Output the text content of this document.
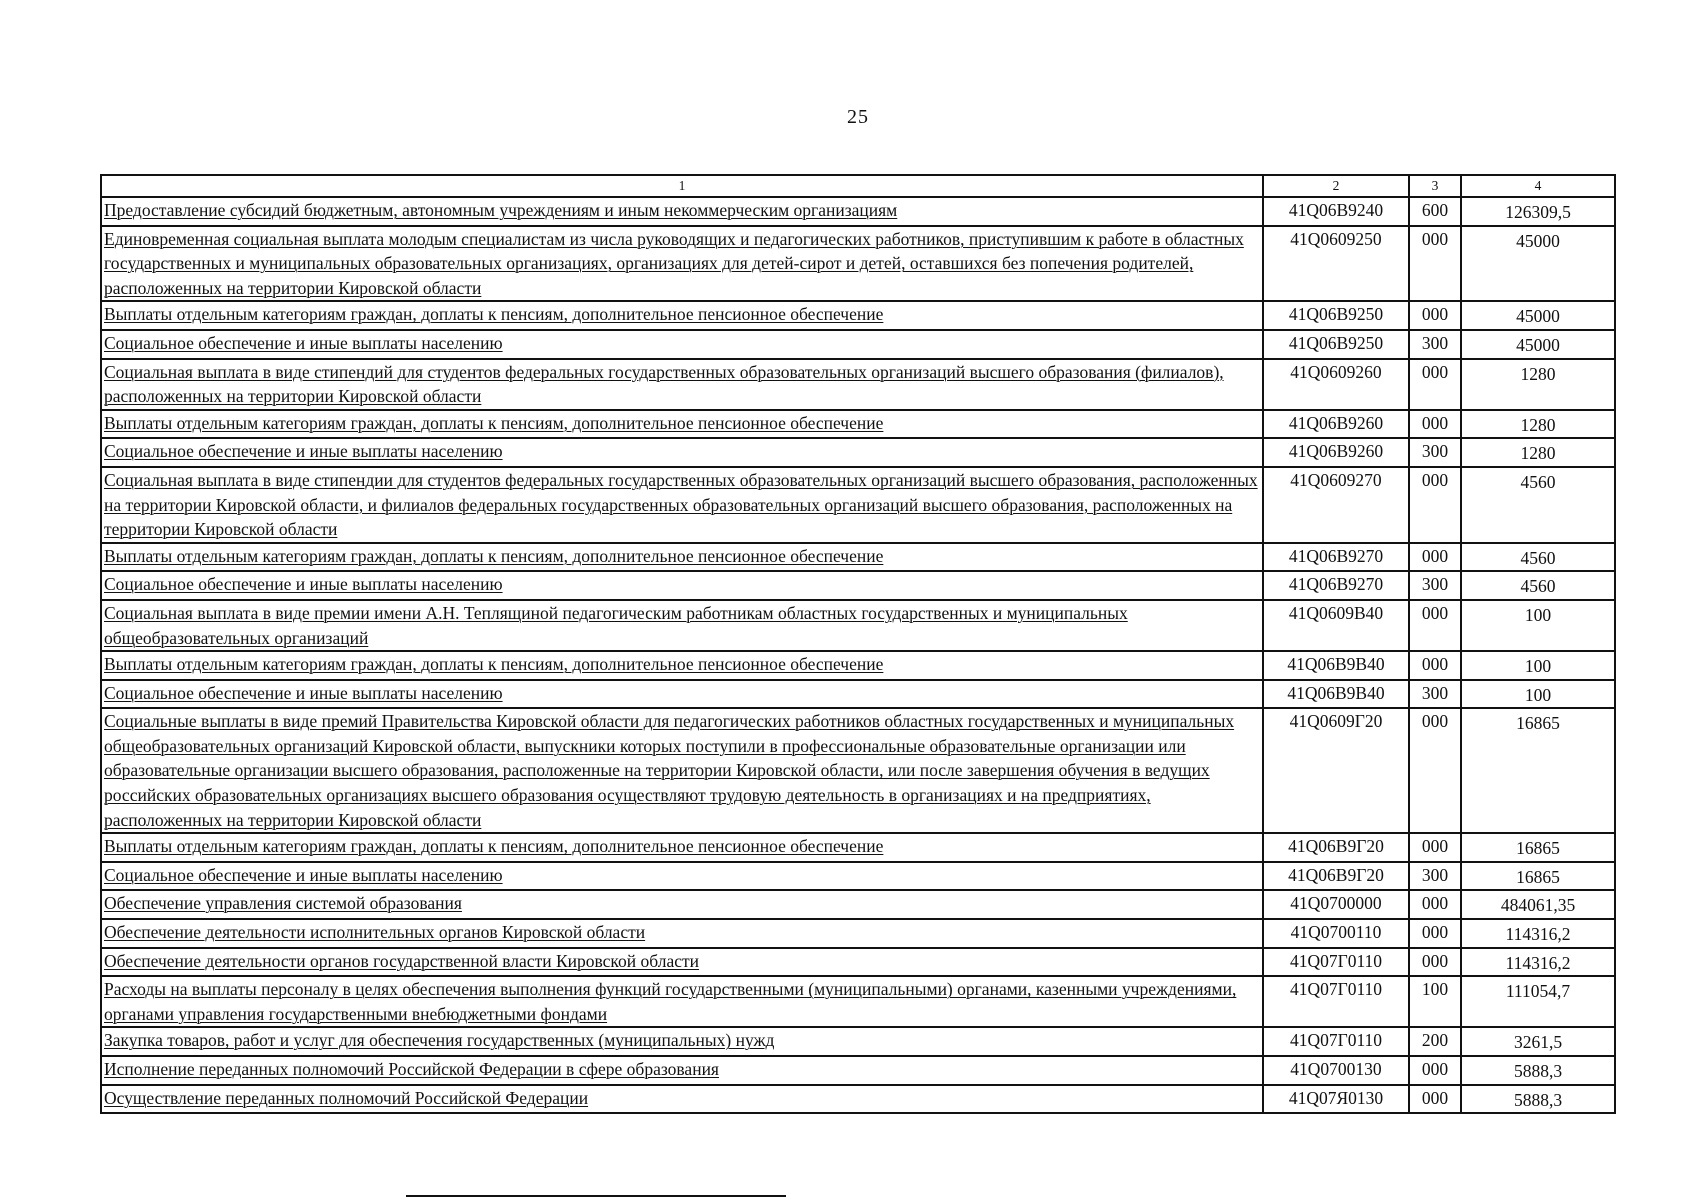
25
1	2	3	4
Предоставление субсидий бюджетным, автономным учреждениям и иным некоммерческим организациям	41Q06B9240	600	126309,5
Единовременная социальная выплата молодым специалистам из числа руководящих и педагогических работников, приступившим к работе в областных государственных и муниципальных образовательных организациях, организациях для детей-сирот и детей, оставшихся без попечения родителей, расположенных на территории Кировской области	41Q0609250	000	45000
Выплаты отдельным категориям граждан, доплаты к пенсиям, дополнительное пенсионное обеспечение	41Q06B9250	000	45000
Социальное обеспечение и иные выплаты населению	41Q06B9250	300	45000
Социальная выплата в виде стипендий для студентов федеральных государственных образовательных организаций высшего образования (филиалов), расположенных на территории Кировской области	41Q0609260	000	1280
Выплаты отдельным категориям граждан, доплаты к пенсиям, дополнительное пенсионное обеспечение	41Q06B9260	000	1280
Социальное обеспечение и иные выплаты населению	41Q06B9260	300	1280
Социальная выплата в виде стипендии для студентов федеральных государственных образовательных организаций высшего образования, расположенных на территории Кировской области, и филиалов федеральных государственных образовательных организаций высшего образования, расположенных на территории Кировской области	41Q0609270	000	4560
Выплаты отдельным категориям граждан, доплаты к пенсиям, дополнительное пенсионное обеспечение	41Q06B9270	000	4560
Социальное обеспечение и иные выплаты населению	41Q06B9270	300	4560
Социальная выплата в виде премии имени А.Н. Теплящиной педагогическим работникам областных государственных и муниципальных общеобразовательных организаций	41Q0609B40	000	100
Выплаты отдельным категориям граждан, доплаты к пенсиям, дополнительное пенсионное обеспечение	41Q06B9B40	000	100
Социальное обеспечение и иные выплаты населению	41Q06B9B40	300	100
Социальные выплаты в виде премий Правительства Кировской области для педагогических работников областных государственных и муниципальных общеобразовательных организаций Кировской области, выпускники которых поступили в профессиональные образовательные организации или образовательные организации высшего образования, расположенные на территории Кировской области, или после завершения обучения в ведущих российских образовательных организациях высшего образования осуществляют трудовую деятельность в организациях и на предприятиях, расположенных на территории Кировской области	41Q0609Г20	000	16865
Выплаты отдельным категориям граждан, доплаты к пенсиям, дополнительное пенсионное обеспечение	41Q06B9Г20	000	16865
Социальное обеспечение и иные выплаты населению	41Q06B9Г20	300	16865
Обеспечение управления системой образования	41Q0700000	000	484061,35
Обеспечение деятельности исполнительных органов Кировской области	41Q0700110	000	114316,2
Обеспечение деятельности органов государственной власти Кировской области	41Q07Г0110	000	114316,2
Расходы на выплаты персоналу в целях обеспечения выполнения функций государственными (муниципальными) органами, казенными учреждениями, органами управления государственными внебюджетными фондами	41Q07Г0110	100	111054,7
Закупка товаров, работ и услуг для обеспечения государственных (муниципальных) нужд	41Q07Г0110	200	3261,5
Исполнение переданных полномочий Российской Федерации в сфере образования	41Q0700130	000	5888,3
Осуществление переданных полномочий Российской Федерации	41Q07Я0130	000	5888,3
